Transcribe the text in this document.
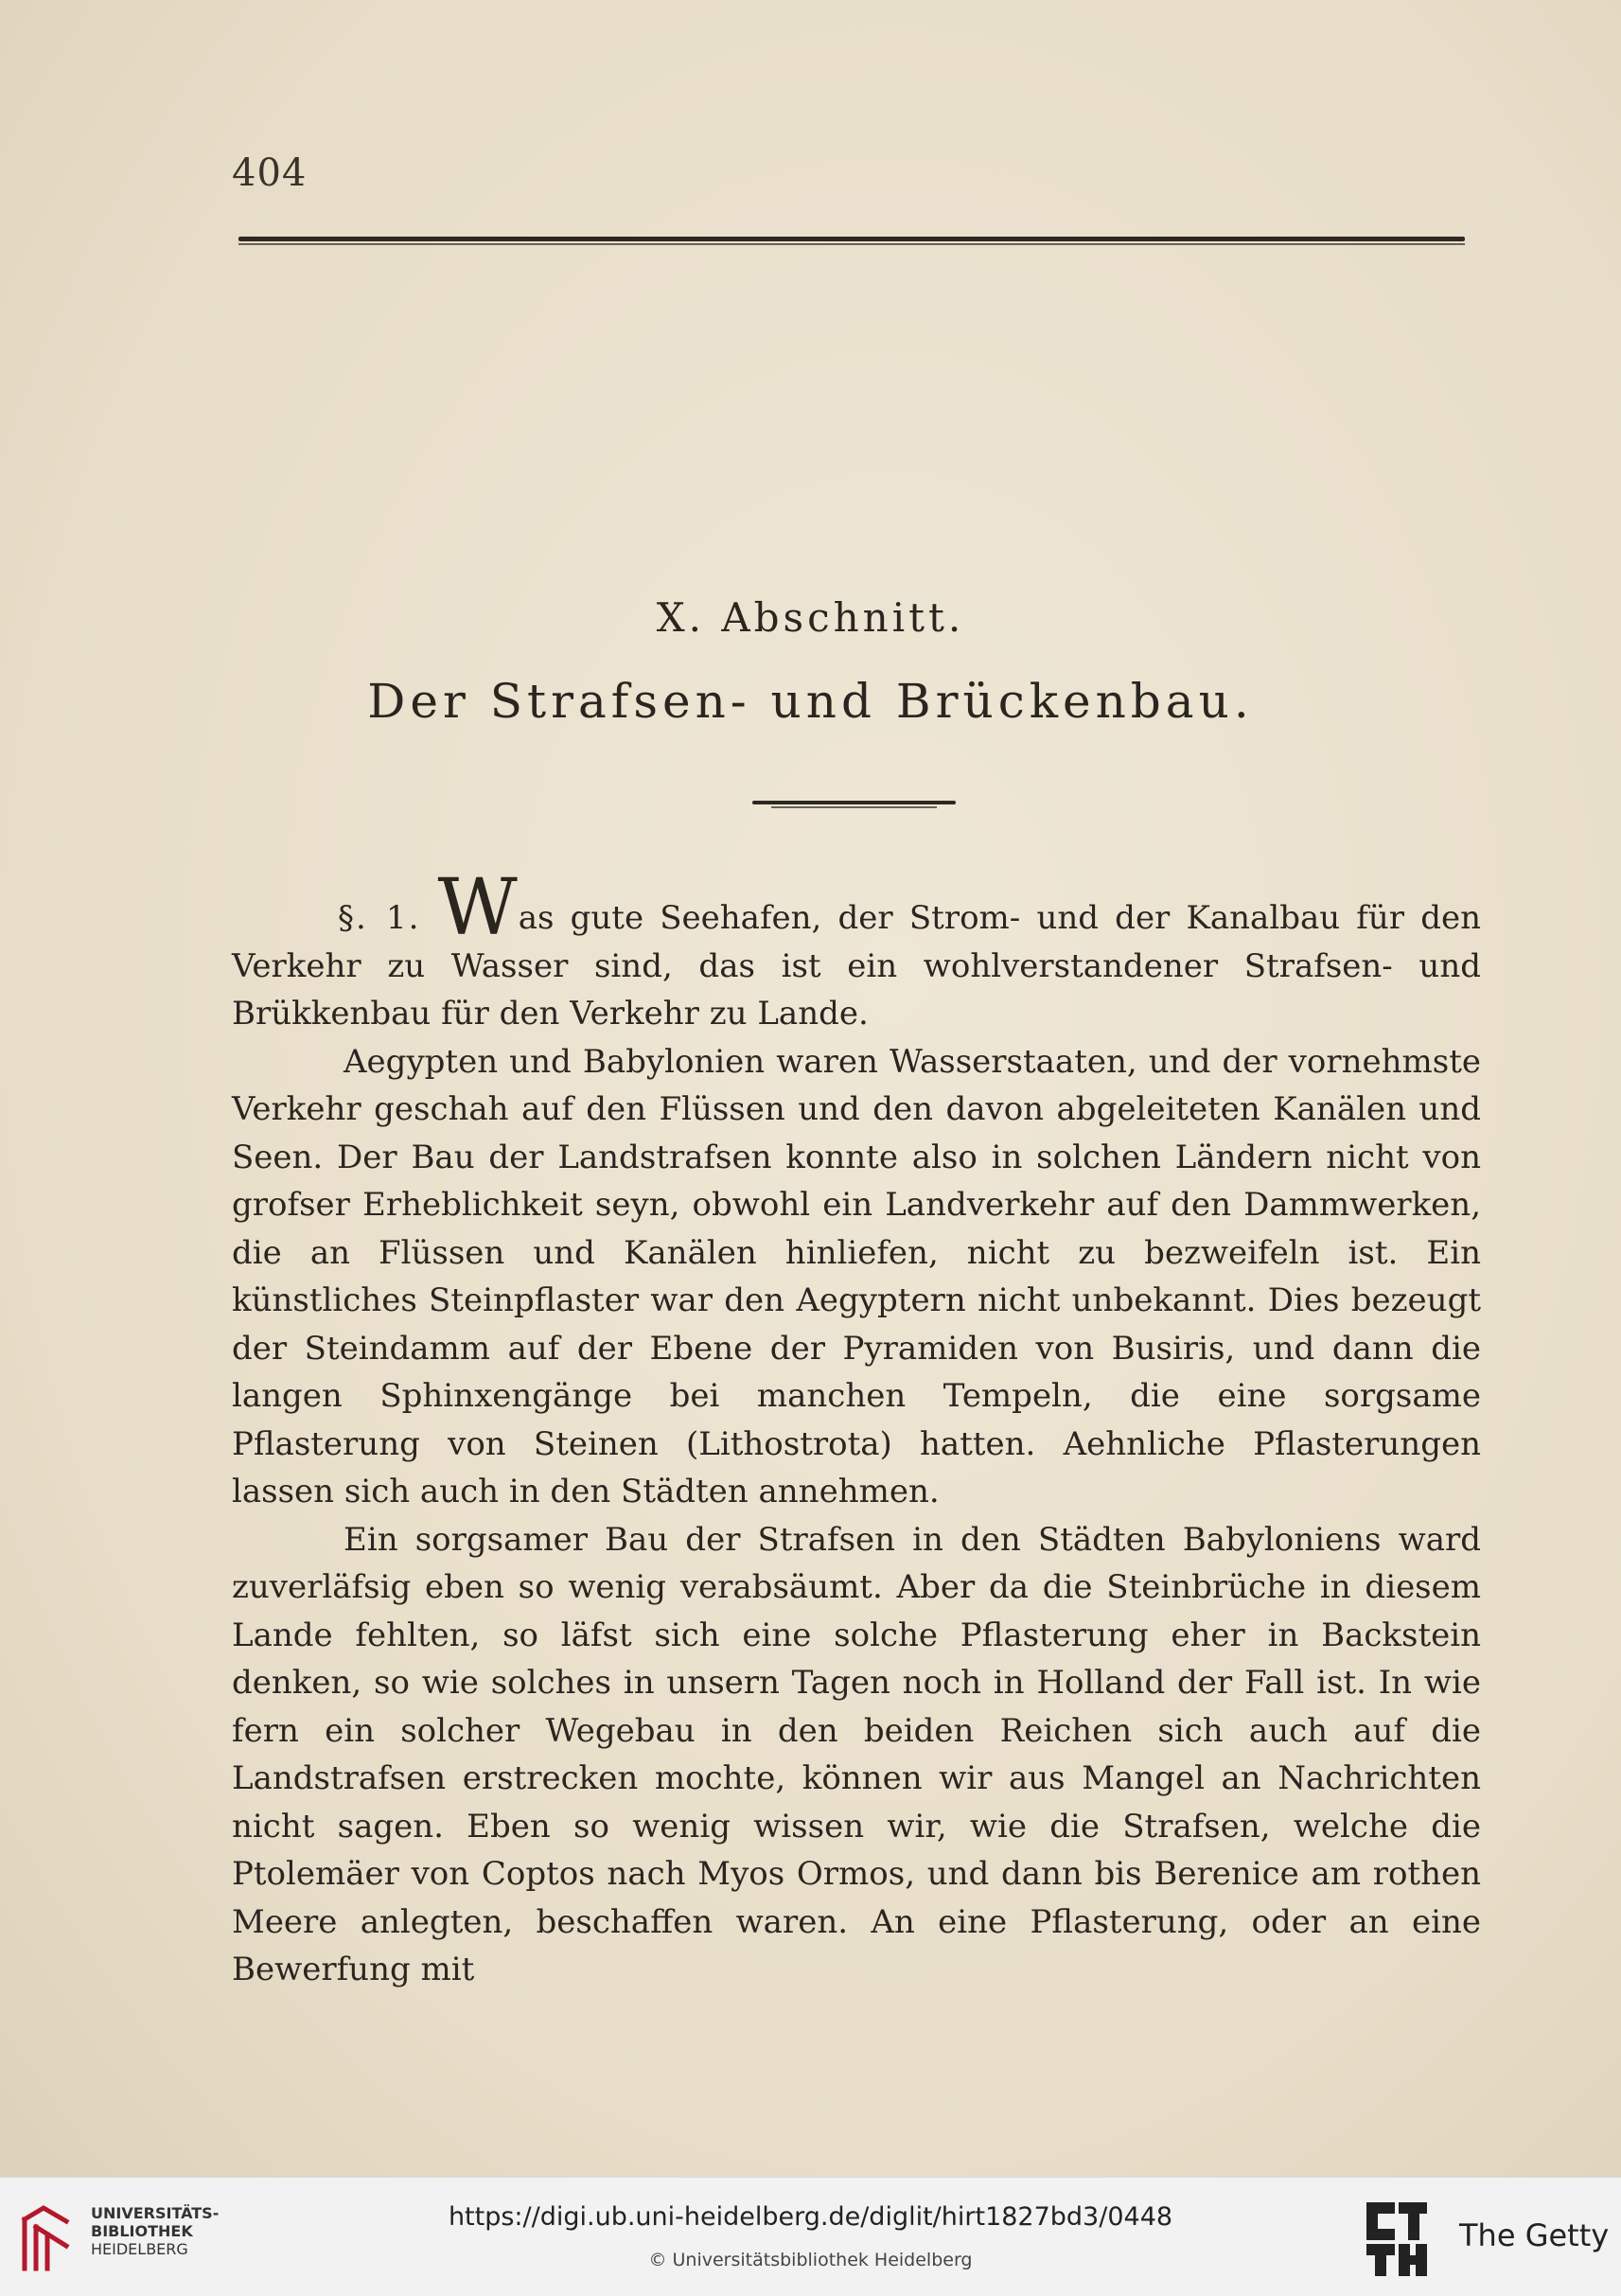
404
X. Abschnitt.
Der Strafsen- und Brückenbau.

§. 1. Was gute Seehafen, der Strom- und der Kanalbau für den Verkehr zu Wasser sind, das ist ein wohlverstandener Strafsen- und Brükkenbau für den Verkehr zu Lande.

Aegypten und Babylonien waren Wasserstaaten, und der vornehmste Verkehr geschah auf den Flüssen und den davon abgeleiteten Kanälen und Seen. Der Bau der Landstrafsen konnte also in solchen Ländern nicht von grofser Erheblichkeit seyn, obwohl ein Landverkehr auf den Dammwerken, die an Flüssen und Kanälen hinliefen, nicht zu bezweifeln ist. Ein künstliches Steinpflaster war den Aegyptern nicht unbekannt. Dies bezeugt der Steindamm auf der Ebene der Pyramiden von Busiris, und dann die langen Sphinxengänge bei manchen Tempeln, die eine sorgsame Pflasterung von Steinen (Lithostrota) hatten. Aehnliche Pflasterungen lassen sich auch in den Städten annehmen.

Ein sorgsamer Bau der Strafsen in den Städten Babyloniens ward zuverläfsig eben so wenig verabsäumt. Aber da die Steinbrüche in diesem Lande fehlten, so läfst sich eine solche Pflasterung eher in Backstein denken, so wie solches in unsern Tagen noch in Holland der Fall ist. In wie fern ein solcher Wegebau in den beiden Reichen sich auch auf die Landstrafsen erstrecken mochte, können wir aus Mangel an Nachrichten nicht sagen. Eben so wenig wissen wir, wie die Strafsen, welche die Ptolemäer von Coptos nach Myos Ormos, und dann bis Berenice am rothen Meere anlegten, beschaffen waren. An eine Pflasterung, oder an eine Bewerfung mit

UNIVERSITÄTS-
BIBLIOTHEK
HEIDELBERG
https://digi.ub.uni-heidelberg.de/diglit/hirt1827bd3/0448
© Universitätsbibliothek Heidelberg
The Getty
